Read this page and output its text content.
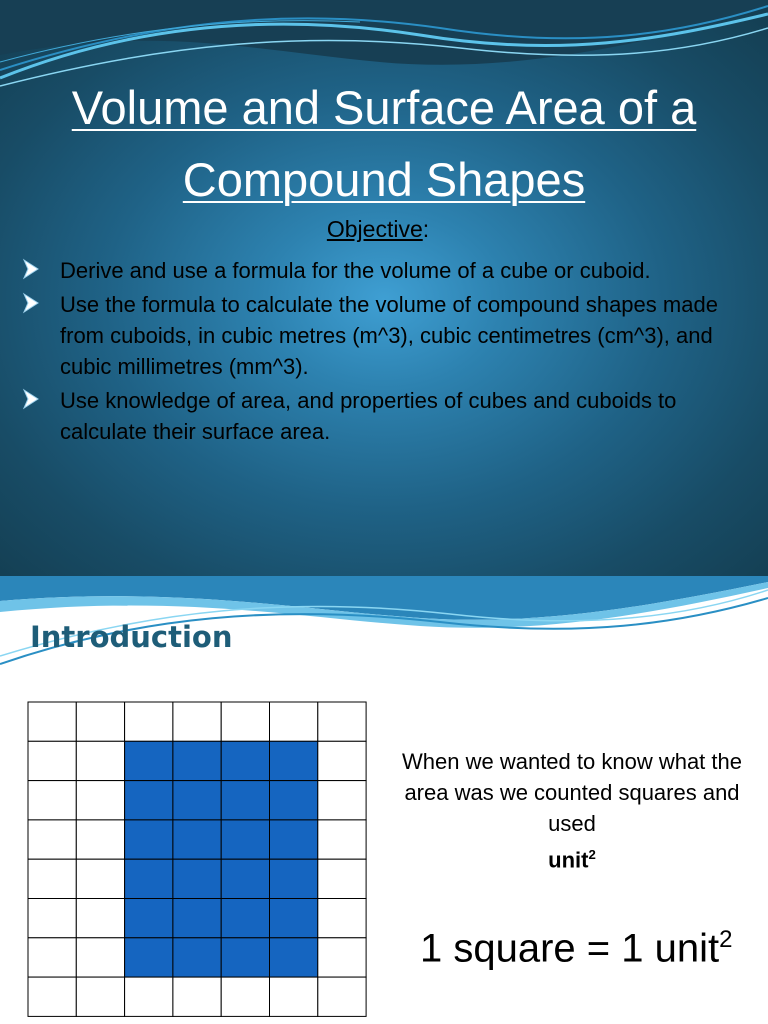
Volume and Surface Area of a
Compound Shapes
Objective:
Derive and use a formula for the volume of a cube or cuboid.
Use the formula to calculate the volume of compound shapes made from cuboids, in cubic metres (m^3), cubic centimetres (cm^3), and cubic millimetres (mm^3).
Use knowledge of area, and properties of cubes and cuboids to calculate their surface area.
Introduction
When we wanted to know what the area was we counted squares and used
unit$^2$
1 square = 1 unit$^2$
